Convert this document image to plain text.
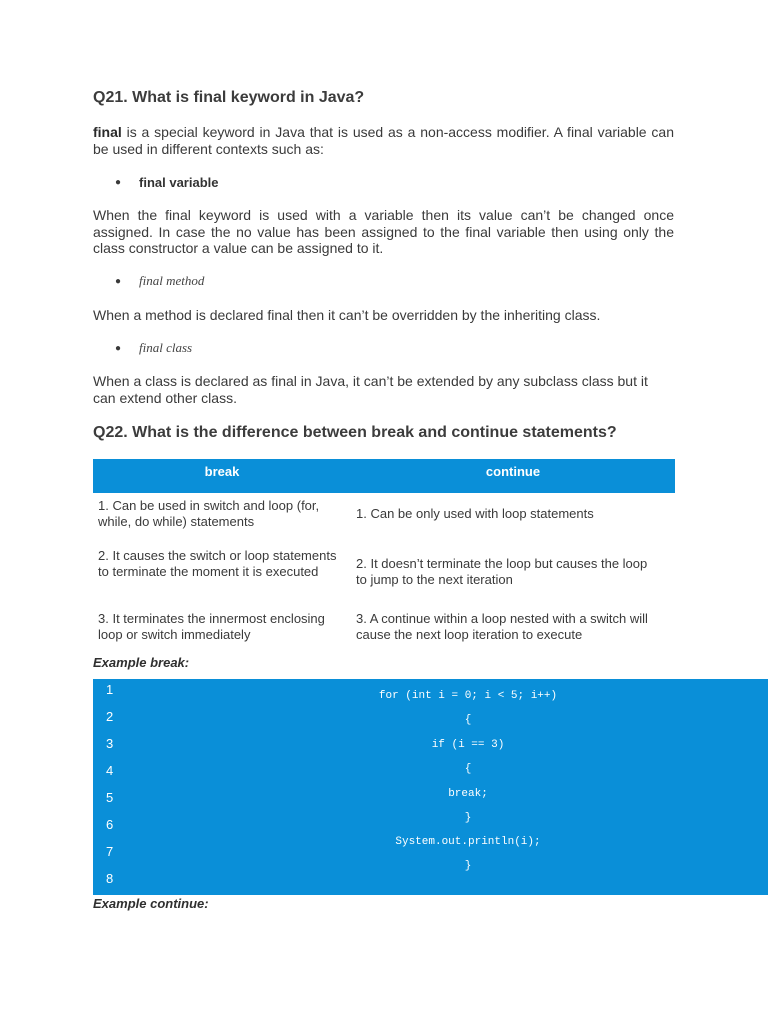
Q21. What is final keyword in Java?
final is a special keyword in Java that is used as a non-access modifier. A final variable can be used in different contexts such as:
● final variable
When the final keyword is used with a variable then its value can’t be changed once assigned. In case the no value has been assigned to the final variable then using only the class constructor a value can be assigned to it.
● final method
When a method is declared final then it can’t be overridden by the inheriting class.
● final class
When a class is declared as final in Java, it can’t be extended by any subclass class but it can extend other class.
Q22. What is the difference between break and continue statements?
break	continue
1. Can be used in switch and loop (for, while, do while) statements
1. Can be only used with loop statements
2. It causes the switch or loop statements to terminate the moment it is executed
2. It doesn’t terminate the loop but causes the loop to jump to the next iteration
3. It terminates the innermost enclosing loop or switch immediately
3. A continue within a loop nested with a switch will cause the next loop iteration to execute
Example break:
1
2
3
4
5
6
7
8
for (int i = 0; i < 5; i++)
{
if (i == 3)
{
break;
}
System.out.println(i);
}
Example continue:
